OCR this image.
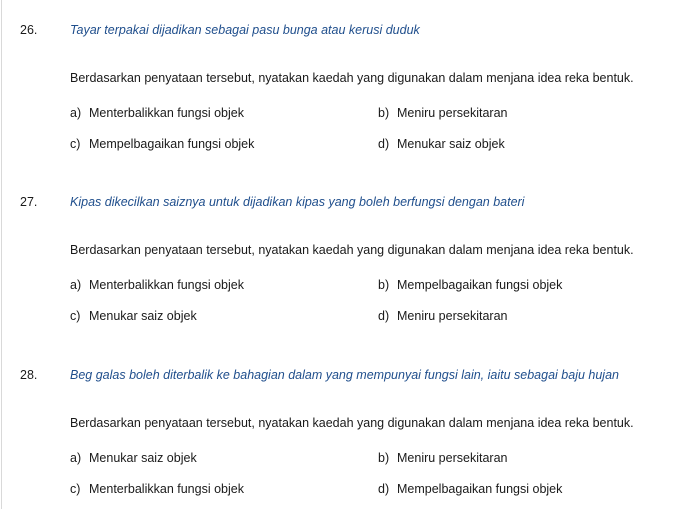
26.	Tayar terpakai dijadikan sebagai pasu bunga atau kerusi duduk
Berdasarkan penyataan tersebut, nyatakan kaedah yang digunakan dalam menjana idea reka bentuk.
a) Menterbalikkan fungsi objek	b) Meniru persekitaran
c) Mempelbagaikan fungsi objek	d) Menukar saiz objek
27.	Kipas dikecilkan saiznya untuk dijadikan kipas yang boleh berfungsi dengan bateri
Berdasarkan penyataan tersebut, nyatakan kaedah yang digunakan dalam menjana idea reka bentuk.
a) Menterbalikkan fungsi objek	b) Mempelbagaikan fungsi objek
c) Menukar saiz objek	d) Meniru persekitaran
28.	Beg galas boleh diterbalik ke bahagian dalam yang mempunyai fungsi lain, iaitu sebagai baju hujan
Berdasarkan penyataan tersebut, nyatakan kaedah yang digunakan dalam menjana idea reka bentuk.
a) Menukar saiz objek	b) Meniru persekitaran
c) Menterbalikkan fungsi objek	d) Mempelbagaikan fungsi objek
